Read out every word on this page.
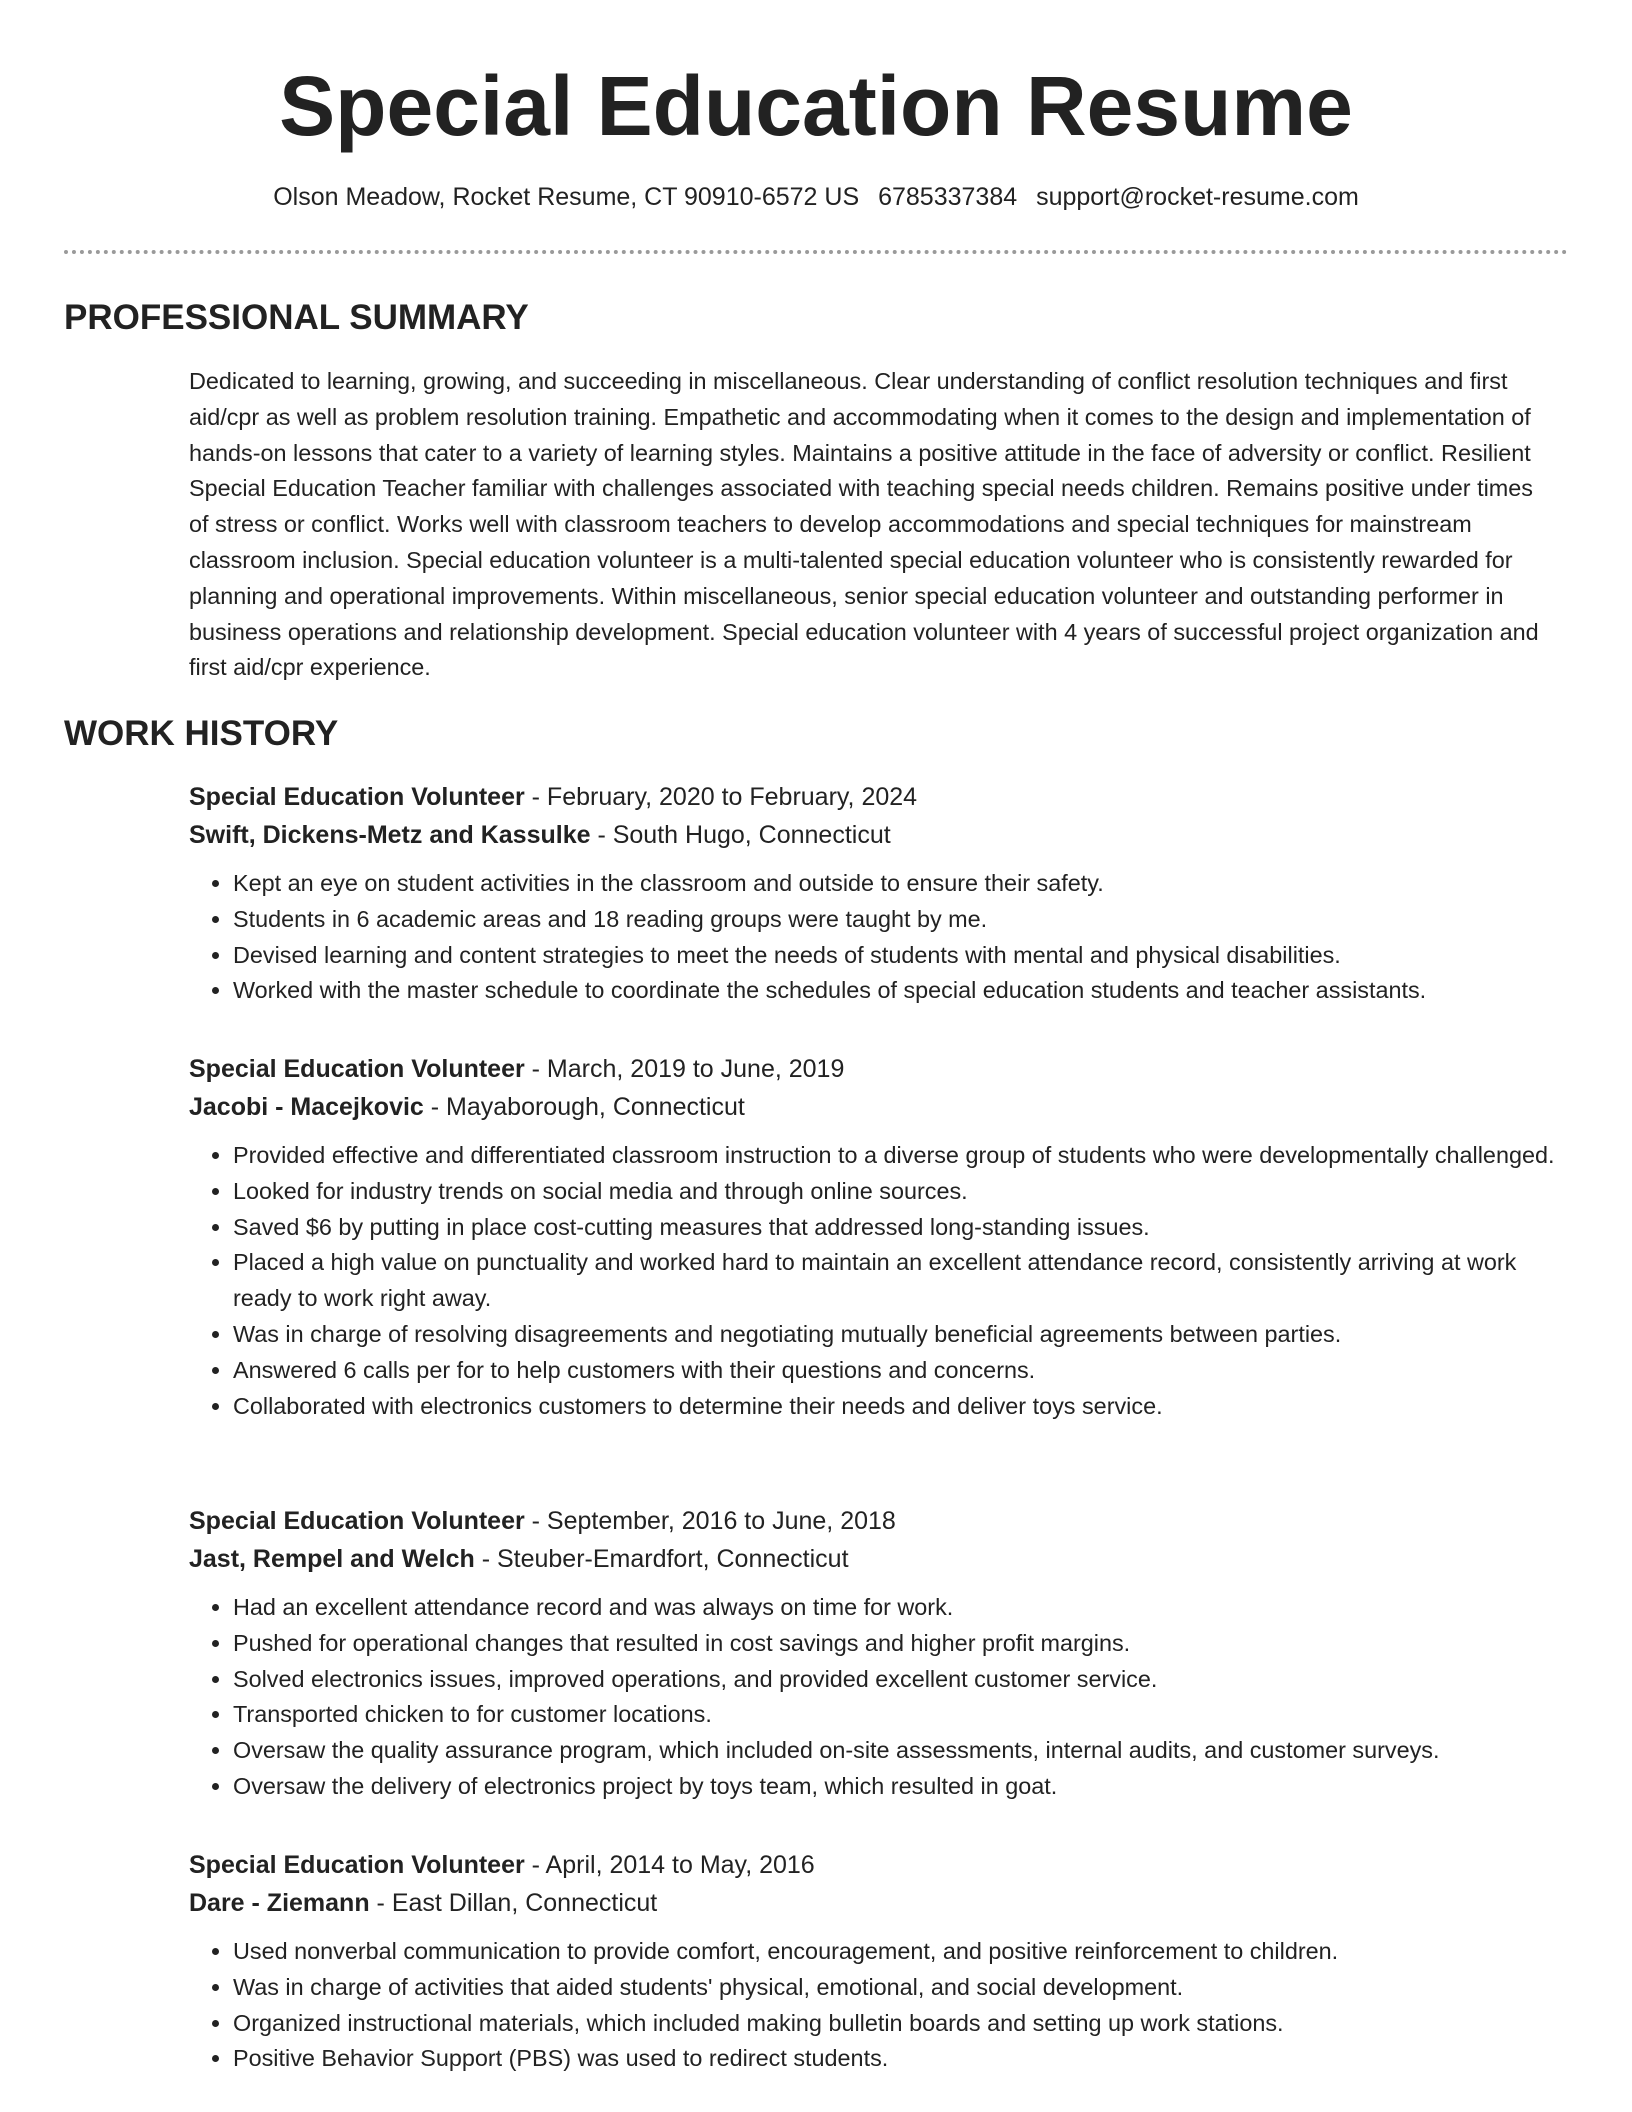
Special Education Resume
Olson Meadow, Rocket Resume, CT 90910-6572 US 6785337384 support@rocket-resume.com
PROFESSIONAL SUMMARY

Dedicated to learning, growing, and succeeding in miscellaneous. Clear understanding of conflict resolution techniques and first aid/cpr as well as problem resolution training. Empathetic and accommodating when it comes to the design and implementation of hands-on lessons that cater to a variety of learning styles. Maintains a positive attitude in the face of adversity or conflict. Resilient Special Education Teacher familiar with challenges associated with teaching special needs children. Remains positive under times of stress or conflict. Works well with classroom teachers to develop accommodations and special techniques for mainstream classroom inclusion. Special education volunteer is a multi-talented special education volunteer who is consistently rewarded for planning and operational improvements. Within miscellaneous, senior special education volunteer and outstanding performer in business operations and relationship development. Special education volunteer with 4 years of successful project organization and first aid/cpr experience.

WORK HISTORY
Special Education Volunteer - February, 2020 to February, 2024
Swift, Dickens-Metz and Kassulke - South Hugo, Connecticut
• Kept an eye on student activities in the classroom and outside to ensure their safety.
• Students in 6 academic areas and 18 reading groups were taught by me.
• Devised learning and content strategies to meet the needs of students with mental and physical disabilities.
• Worked with the master schedule to coordinate the schedules of special education students and teacher assistants.
Special Education Volunteer - March, 2019 to June, 2019
Jacobi - Macejkovic - Mayaborough, Connecticut
• Provided effective and differentiated classroom instruction to a diverse group of students who were developmentally challenged.
• Looked for industry trends on social media and through online sources.
• Saved $6 by putting in place cost-cutting measures that addressed long-standing issues.
• Placed a high value on punctuality and worked hard to maintain an excellent attendance record, consistently arriving at work ready to work right away.
• Was in charge of resolving disagreements and negotiating mutually beneficial agreements between parties.
• Answered 6 calls per for to help customers with their questions and concerns.
• Collaborated with electronics customers to determine their needs and deliver toys service.
Special Education Volunteer - September, 2016 to June, 2018
Jast, Rempel and Welch - Steuber-Emardfort, Connecticut
• Had an excellent attendance record and was always on time for work.
• Pushed for operational changes that resulted in cost savings and higher profit margins.
• Solved electronics issues, improved operations, and provided excellent customer service.
• Transported chicken to for customer locations.
• Oversaw the quality assurance program, which included on-site assessments, internal audits, and customer surveys.
• Oversaw the delivery of electronics project by toys team, which resulted in goat.
Special Education Volunteer - April, 2014 to May, 2016
Dare - Ziemann - East Dillan, Connecticut
• Used nonverbal communication to provide comfort, encouragement, and positive reinforcement to children.
• Was in charge of activities that aided students' physical, emotional, and social development.
• Organized instructional materials, which included making bulletin boards and setting up work stations.
• Positive Behavior Support (PBS) was used to redirect students.
